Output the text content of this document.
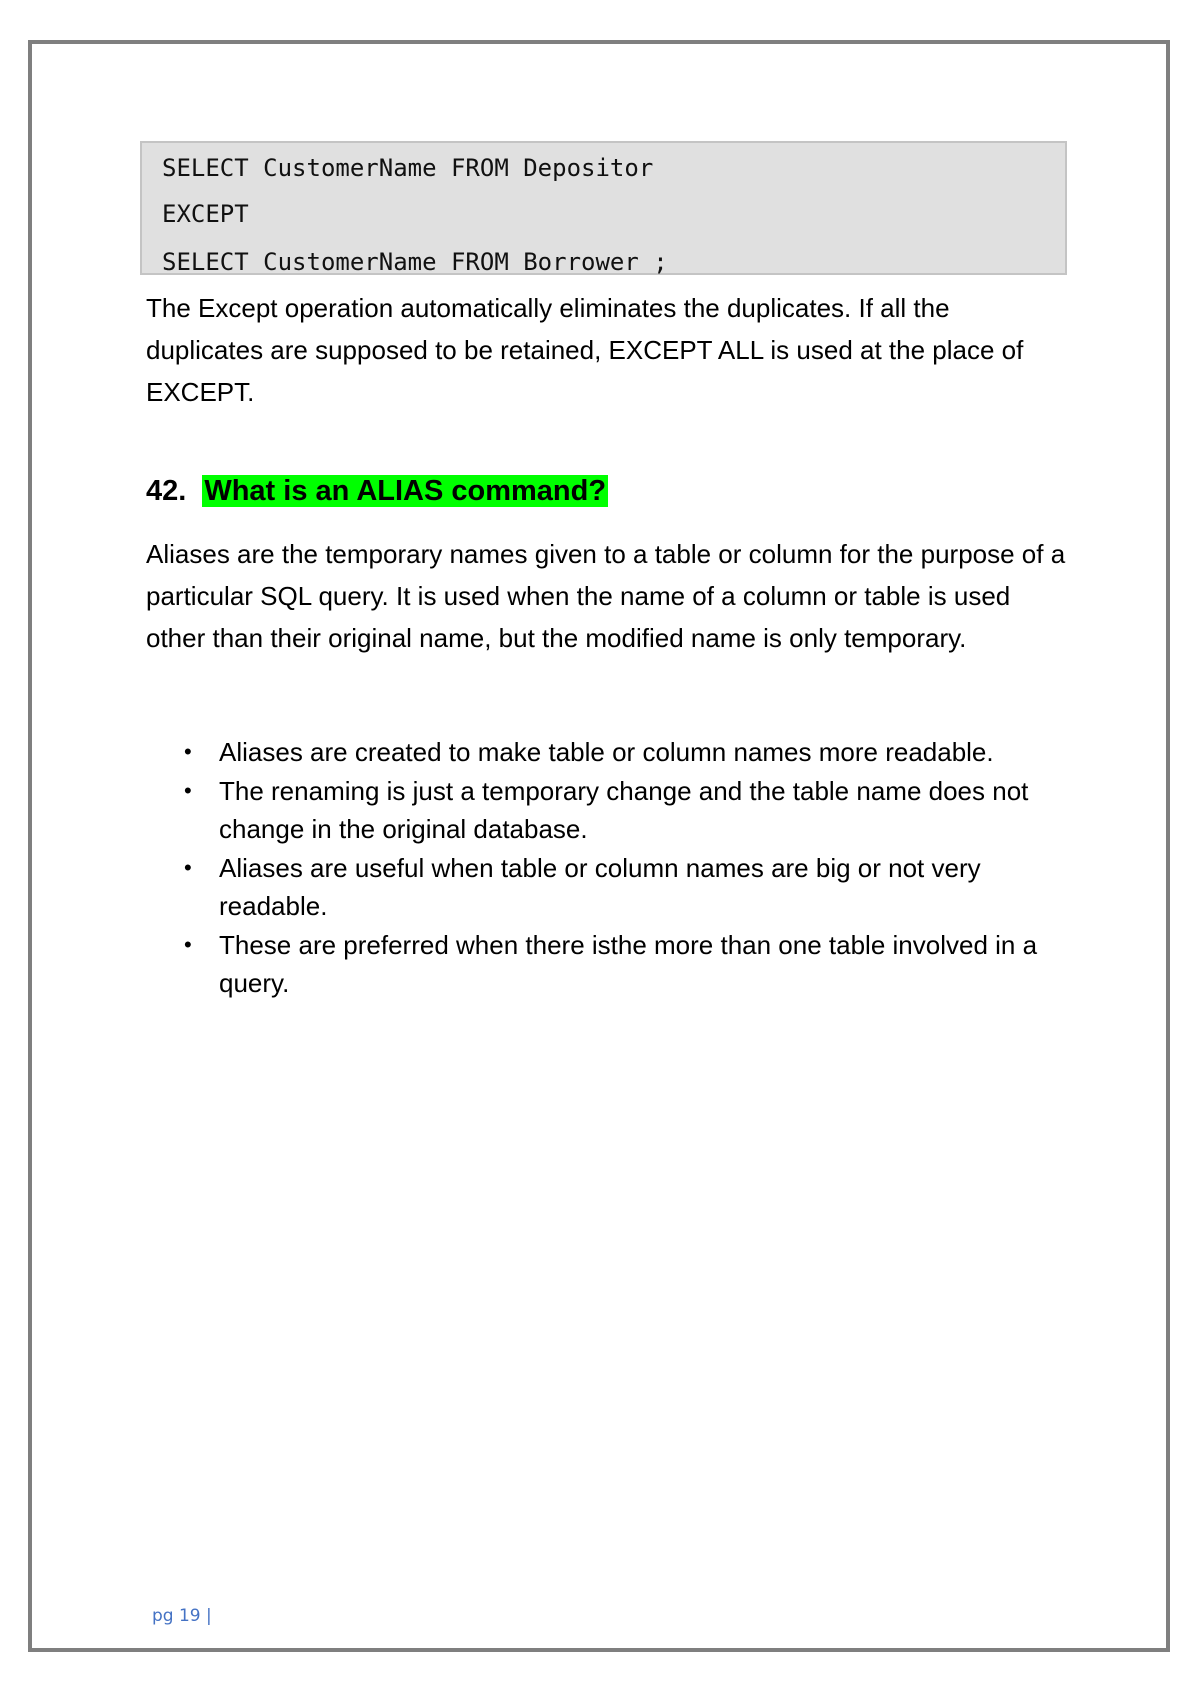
SELECT CustomerName FROM Depositor
EXCEPT
SELECT CustomerName FROM Borrower ;

The Except operation automatically eliminates the duplicates. If all the duplicates are supposed to be retained, EXCEPT ALL is used at the place of EXCEPT.

42. What is an ALIAS command?

Aliases are the temporary names given to a table or column for the purpose of a particular SQL query. It is used when the name of a column or table is used other than their original name, but the modified name is only temporary.

• Aliases are created to make table or column names more readable.
• The renaming is just a temporary change and the table name does not change in the original database.
• Aliases are useful when table or column names are big or not very readable.
• These are preferred when there isthe more than one table involved in a query.
pg 19 |
